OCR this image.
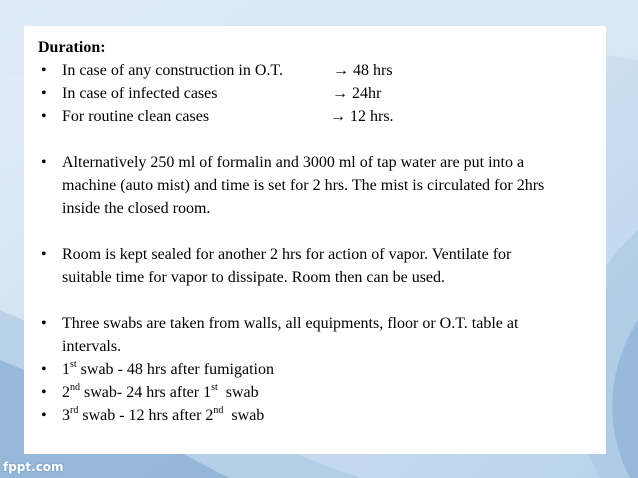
Duration:

• In case of any construction in O.T.	→ 48 hrs
• In case of infected cases	→ 24hr
• For routine clean cases	→ 12 hrs.
• Alternatively 250 ml of formalin and 3000 ml of tap water are put into a
machine (auto mist) and time is set for 2 hrs. The mist is circulated for 2hrs
inside the closed room.
• Room is kept sealed for another 2 hrs for action of vapor. Ventilate for
suitable time for vapor to dissipate. Room then can be used.
• Three swabs are taken from walls, all equipments, floor or O.T. table at
intervals.
• 1st swab - 48 hrs after fumigation
• 2nd swab- 24 hrs after 1st  swab
• 3rd swab - 12 hrs after 2nd  swab
fppt.com
